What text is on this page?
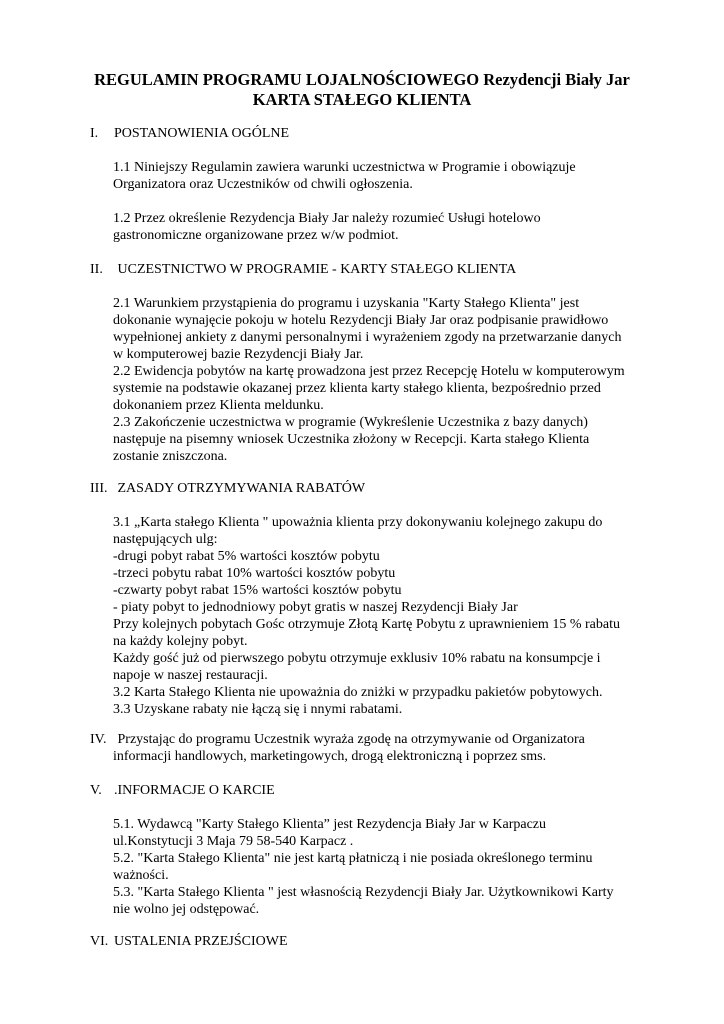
REGULAMIN PROGRAMU LOJALNOŚCIOWEGO Rezydencji Biały Jar
KARTA STAŁEGO KLIENTA
I. POSTANOWIENIA OGÓLNE
1.1 Niniejszy Regulamin zawiera warunki uczestnictwa w Programie i obowiązuje
Organizatora oraz Uczestników od chwili ogłoszenia.
1.2 Przez określenie Rezydencja Biały Jar należy rozumieć Usługi hotelowo
gastronomiczne organizowane przez w/w podmiot.
II. UCZESTNICTWO W PROGRAMIE - KARTY STAŁEGO KLIENTA
2.1 Warunkiem przystąpienia do programu i uzyskania "Karty Stałego Klienta" jest
dokonanie wynajęcie pokoju w hotelu Rezydencji Biały Jar oraz podpisanie prawidłowo
wypełnionej ankiety z danymi personalnymi i wyrażeniem zgody na przetwarzanie danych
w komputerowej bazie Rezydencji Biały Jar.
2.2 Ewidencja pobytów na kartę prowadzona jest przez Recepcję Hotelu w komputerowym
systemie na podstawie okazanej przez klienta karty stałego klienta, bezpośrednio przed
dokonaniem przez Klienta meldunku.
2.3 Zakończenie uczestnictwa w programie (Wykreślenie Uczestnika z bazy danych)
następuje na pisemny wniosek Uczestnika złożony w Recepcji. Karta stałego Klienta
zostanie zniszczona.
III. ZASADY OTRZYMYWANIA RABATÓW
3.1 „Karta stałego Klienta " upoważnia klienta przy dokonywaniu kolejnego zakupu do
następujących ulg:
-drugi pobyt rabat 5% wartości kosztów pobytu
-trzeci pobytu rabat 10% wartości kosztów pobytu
-czwarty pobyt rabat 15% wartości kosztów pobytu
- piaty pobyt to jednodniowy pobyt gratis w naszej Rezydencji Biały Jar
Przy kolejnych pobytach Gośc otrzymuje Złotą Kartę Pobytu z uprawnieniem 15 % rabatu
na każdy kolejny pobyt.
Każdy gość już od pierwszego pobytu otrzymuje exklusiv 10% rabatu na konsumpcje i
napoje w naszej restauracji.
3.2 Karta Stałego Klienta nie upoważnia do zniżki w przypadku pakietów pobytowych.
3.3 Uzyskane rabaty nie łączą się i nnymi rabatami.
IV. Przystając do programu Uczestnik wyraża zgodę na otrzymywanie od Organizatora
informacji handlowych, marketingowych, drogą elektroniczną i poprzez sms.
V. .INFORMACJE O KARCIE
5.1. Wydawcą "Karty Stałego Klienta” jest Rezydencja Biały Jar w Karpaczu
ul.Konstytucji 3 Maja 79 58-540 Karpacz .
5.2. "Karta Stałego Klienta" nie jest kartą płatniczą i nie posiada określonego terminu
ważności.
5.3. "Karta Stałego Klienta " jest własnością Rezydencji Biały Jar. Użytkownikowi Karty
nie wolno jej odstępować.
VI. USTALENIA PRZEJŚCIOWE
